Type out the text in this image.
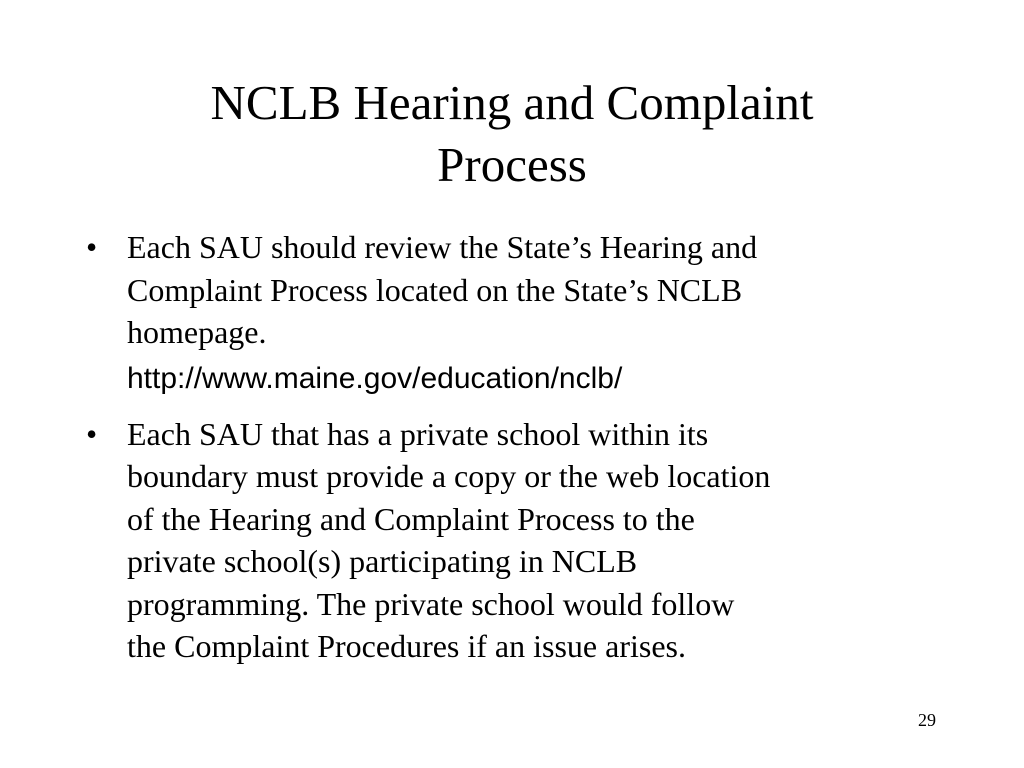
NCLB Hearing and Complaint
Process
• Each SAU should review the State’s Hearing and
Complaint Process located on the State’s NCLB
homepage.
http://www.maine.gov/education/nclb/
• Each SAU that has a private school within its
boundary must provide a copy or the web location
of the Hearing and Complaint Process to the
private school(s) participating in NCLB
programming. The private school would follow
the Complaint Procedures if an issue arises.
29
